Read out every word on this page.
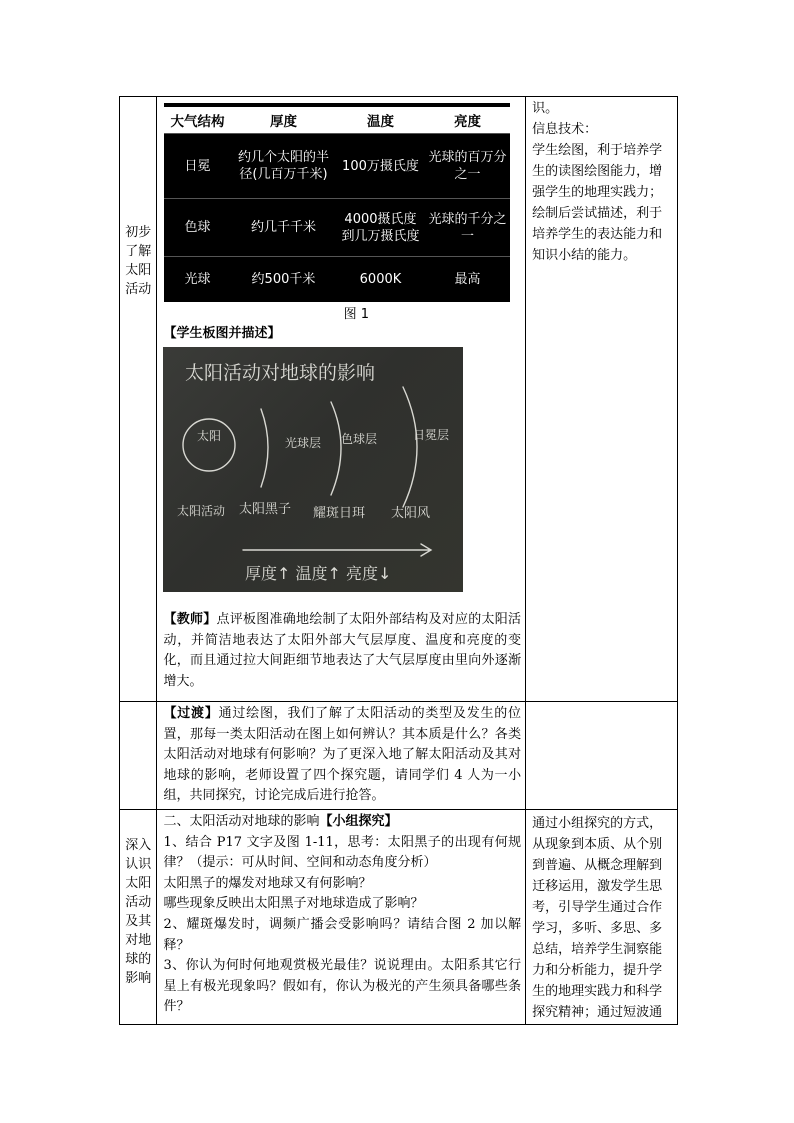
初步
了解
太阳
活动

大气结构	厚度	温度	亮度
日冕	约几个太阳的半径(几百万千米)	100万摄氏度	光球的百万分之一
色球	约几千千米	4000摄氏度到几万摄氏度	光球的千分之一
光球	约500千米	6000K	最高
图 1
【学生板图并描述】
太阳活动对地球的影响
太阳	光球层 色球层	日冕层
太阳活动 太阳黑子 耀斑日珥 太阳风
厚度↑ 温度↑ 亮度↓

【教师】点评板图准确地绘制了太阳外部结构及对应的太阳活动，并简洁地表达了太阳外部大气层厚度、温度和亮度的变化，而且通过拉大间距细节地表达了大气层厚度由里向外逐渐增大。

识。

信息技术：

学生绘图，利于培养学生的读图绘图能力，增强学生的地理实践力；绘制后尝试描述，利于培养学生的表达能力和知识小结的能力。

【过渡】通过绘图，我们了解了太阳活动的类型及发生的位置，那每一类太阳活动在图上如何辨认？其本质是什么？各类太阳活动对地球有何影响？为了更深入地了解太阳活动及其对地球的影响，老师设置了四个探究题，请同学们 4 人为一小组，共同探究，讨论完成后进行抢答。

深入
认识
太阳
活动
及其
对地
球的
影响

二、太阳活动对地球的影响【小组探究】

1、结合 P17 文字及图 1-11，思考：太阳黑子的出现有何规律？（提示：可从时间、空间和动态角度分析）

太阳黑子的爆发对地球又有何影响？

哪些现象反映出太阳黑子对地球造成了影响？

2、耀斑爆发时，调频广播会受影响吗？请结合图 2 加以解释？

3、你认为何时何地观赏极光最佳？说说理由。太阳系其它行星上有极光现象吗？假如有，你认为极光的产生须具备哪些条件？

通过小组探究的方式，从现象到本质、从个别到普遍、从概念理解到迁移运用，激发学生思考，引导学生通过合作学习，多听、多思、多总结，培养学生洞察能力和分析能力，提升学生的地理实践力和科学探究精神；通过短波通
